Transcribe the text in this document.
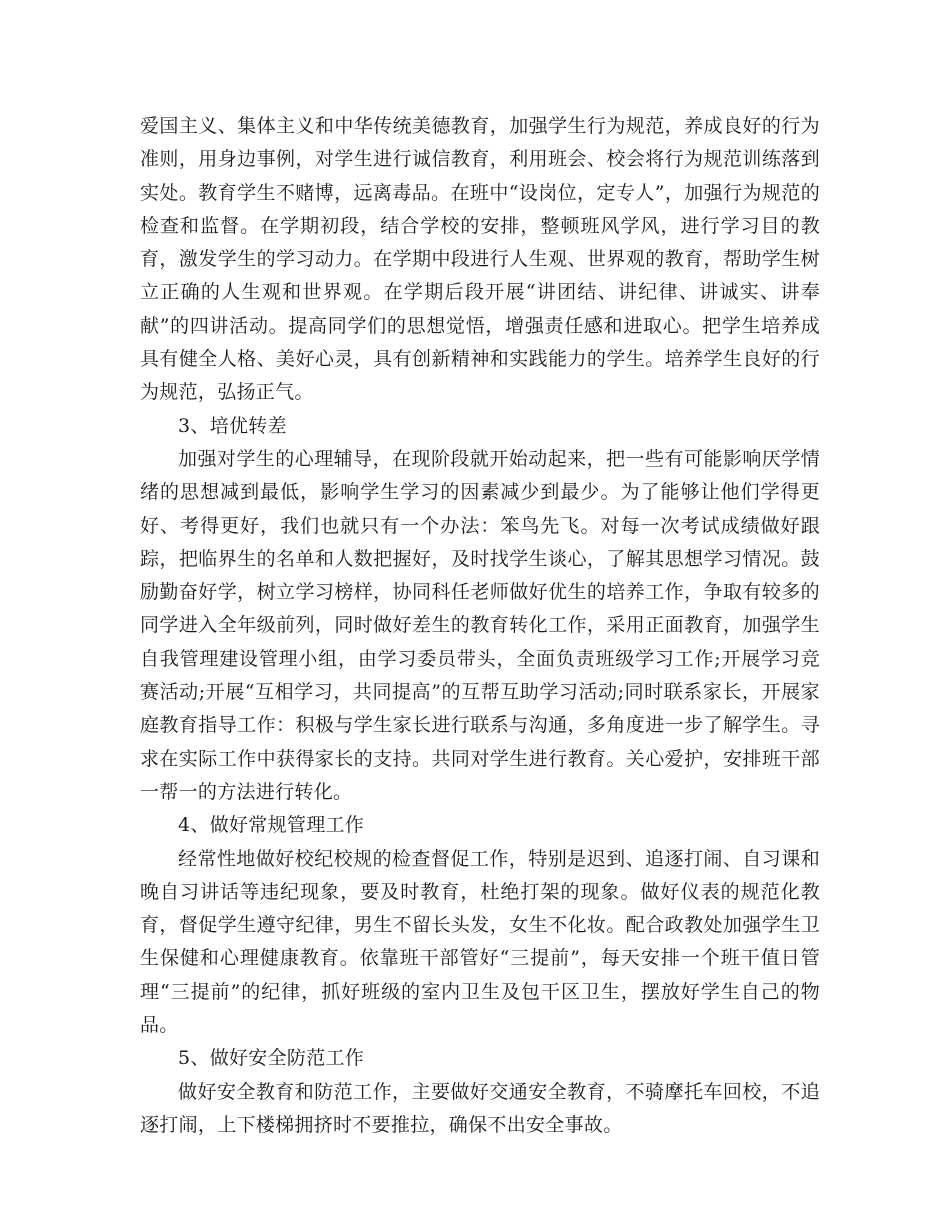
爱国主义、集体主义和中华传统美德教育，加强学生行为规范，养成良好的行为准则，用身边事例，对学生进行诚信教育，利用班会、校会将行为规范训练落到实处。教育学生不赌博，远离毒品。在班中“设岗位，定专人”，加强行为规范的检查和监督。在学期初段，结合学校的安排，整顿班风学风，进行学习目的教育，激发学生的学习动力。在学期中段进行人生观、世界观的教育，帮助学生树立正确的人生观和世界观。在学期后段开展“讲团结、讲纪律、讲诚实、讲奉献”的四讲活动。提高同学们的思想觉悟，增强责任感和进取心。把学生培养成具有健全人格、美好心灵，具有创新精神和实践能力的学生。培养学生良好的行为规范，弘扬正气。

3、培优转差

加强对学生的心理辅导，在现阶段就开始动起来，把一些有可能影响厌学情绪的思想减到最低，影响学生学习的因素减少到最少。为了能够让他们学得更好、考得更好，我们也就只有一个办法：笨鸟先飞。对每一次考试成绩做好跟踪，把临界生的名单和人数把握好，及时找学生谈心，了解其思想学习情况。鼓励勤奋好学，树立学习榜样，协同科任老师做好优生的培养工作，争取有较多的同学进入全年级前列，同时做好差生的教育转化工作，采用正面教育，加强学生自我管理建设管理小组，由学习委员带头，全面负责班级学习工作;开展学习竞赛活动;开展“互相学习，共同提高”的互帮互助学习活动;同时联系家长，开展家庭教育指导工作：积极与学生家长进行联系与沟通，多角度进一步了解学生。寻求在实际工作中获得家长的支持。共同对学生进行教育。关心爱护，安排班干部一帮一的方法进行转化。

4、做好常规管理工作

经常性地做好校纪校规的检查督促工作，特别是迟到、追逐打闹、自习课和晚自习讲话等违纪现象，要及时教育，杜绝打架的现象。做好仪表的规范化教育，督促学生遵守纪律，男生不留长头发，女生不化妆。配合政教处加强学生卫生保健和心理健康教育。依靠班干部管好“三提前”，每天安排一个班干值日管理“三提前”的纪律，抓好班级的室内卫生及包干区卫生，摆放好学生自己的物品。

5、做好安全防范工作

做好安全教育和防范工作，主要做好交通安全教育，不骑摩托车回校，不追逐打闹，上下楼梯拥挤时不要推拉，确保不出安全事故。
